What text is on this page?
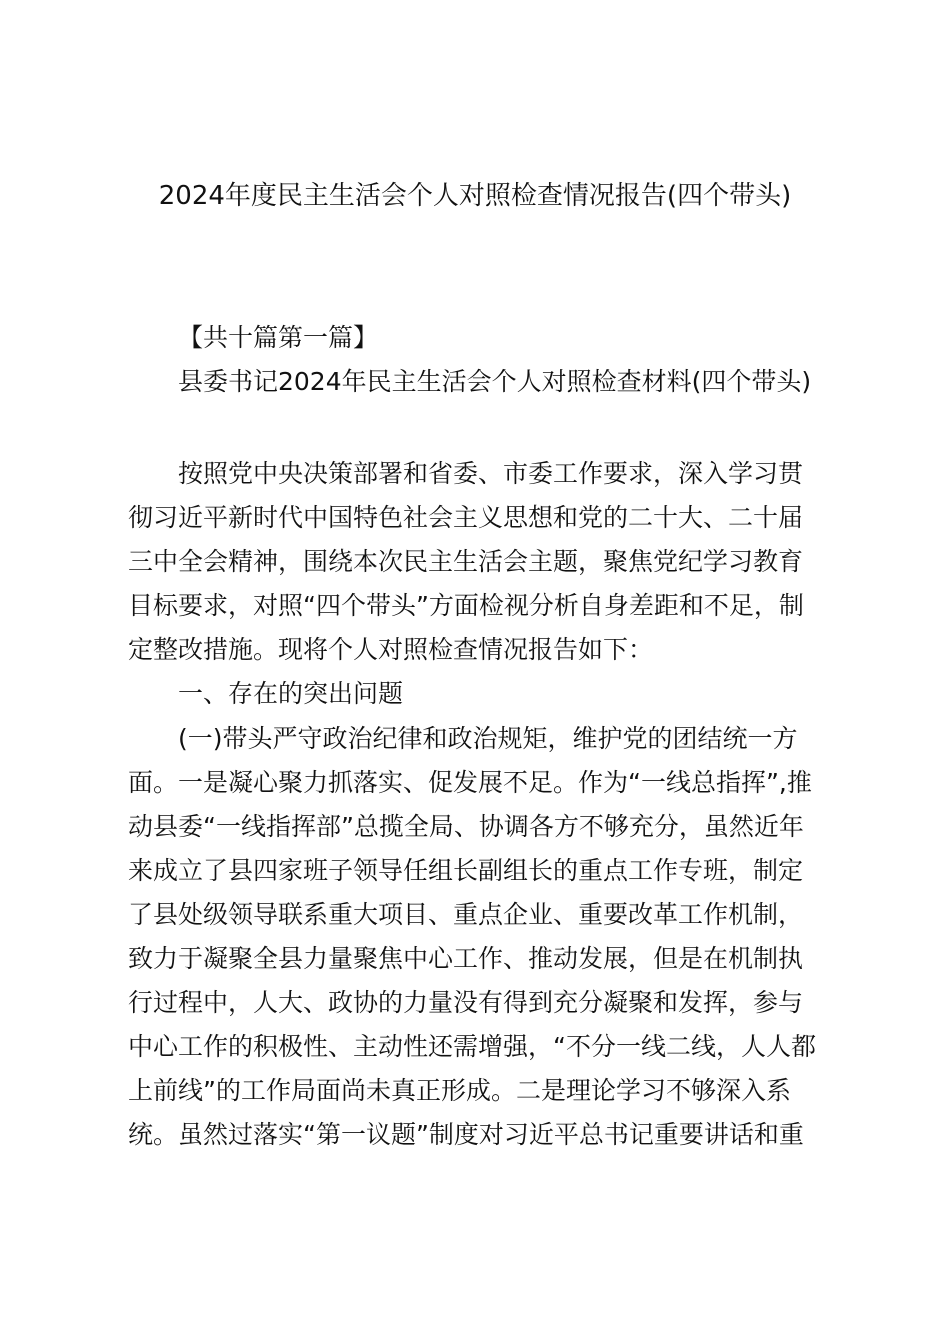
2024年度民主生活会个人对照检查情况报告(四个带头)
【共十篇第一篇】
县委书记2024年民主生活会个人对照检查材料(四个带头)
按照党中央决策部署和省委、市委工作要求，深入学习贯
彻习近平新时代中国特色社会主义思想和党的二十大、二十届
三中全会精神，围绕本次民主生活会主题，聚焦党纪学习教育
目标要求，对照“四个带头”方面检视分析自身差距和不足，制
定整改措施。现将个人对照检查情况报告如下：
一、存在的突出问题
(一)带头严守政治纪律和政治规矩，维护党的团结统一方
面。一是凝心聚力抓落实、促发展不足。作为“一线总指挥”,推
动县委“一线指挥部”总揽全局、协调各方不够充分，虽然近年
来成立了县四家班子领导任组长副组长的重点工作专班，制定
了县处级领导联系重大项目、重点企业、重要改革工作机制，
致力于凝聚全县力量聚焦中心工作、推动发展，但是在机制执
行过程中，人大、政协的力量没有得到充分凝聚和发挥，参与
中心工作的积极性、主动性还需增强，“不分一线二线，人人都
上前线”的工作局面尚未真正形成。二是理论学习不够深入系
统。虽然过落实“第一议题”制度对习近平总书记重要讲话和重
